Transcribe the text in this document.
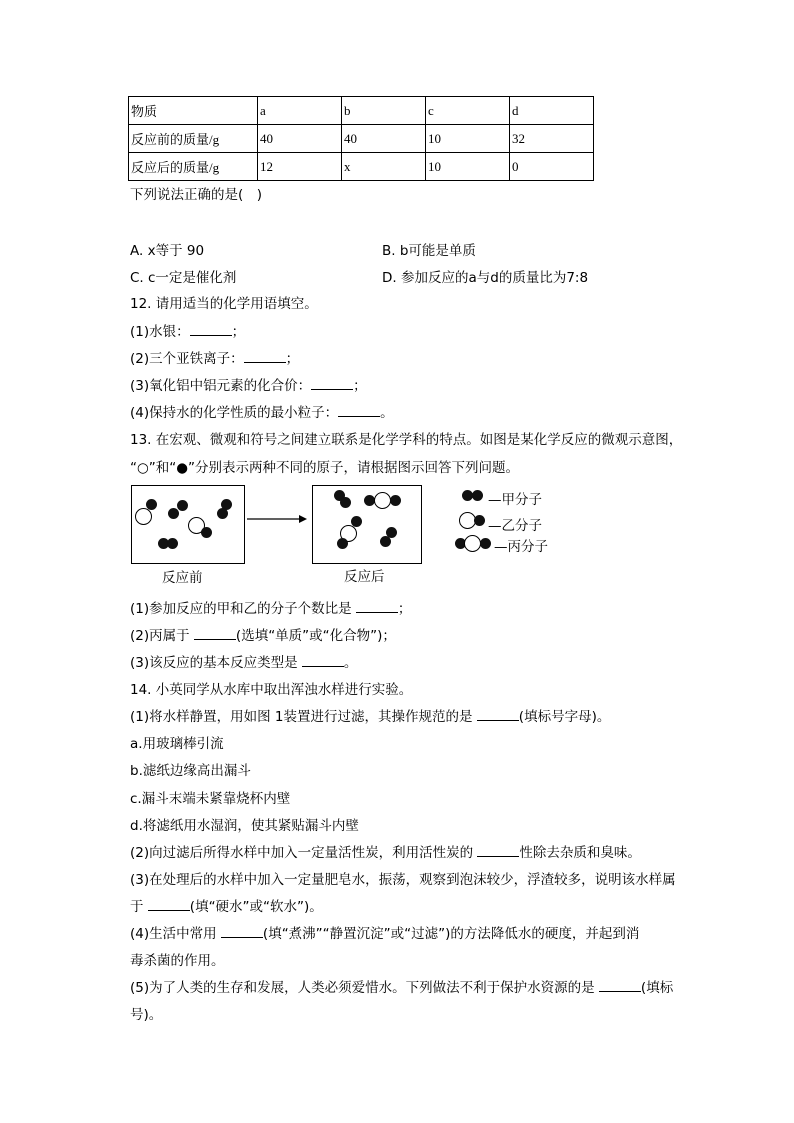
物质	a	b	c	d
反应前的质量/g	40	40	10	32
反应后的质量/g	12	x	10	0
下列说法正确的是(　)
A. x等于 90	B. b可能是单质
C. c一定是催化剂	D. 参加反应的a与d的质量比为7:8
12. 请用适当的化学用语填空。
(1)水银：	；
(2)三个亚铁离子：	；
(3)氧化铝中铝元素的化合价：	；
(4)保持水的化学性质的最小粒子：	。
13. 在宏观、微观和符号之间建立联系是化学学科的特点。如图是某化学反应的微观示意图，
“○”和“●”分别表示两种不同的原子，请根据图示回答下列问题。
反应前	反应后
—甲分子
—乙分子
—丙分子
(1)参加反应的甲和乙的分子个数比是	；
(2)丙属于	(选填“单质”或“化合物”)；
(3)该反应的基本反应类型是	。
14. 小英同学从水库中取出浑浊水样进行实验。
(1)将水样静置，用如图 1装置进行过滤，其操作规范的是	(填标号字母)。
a.用玻璃棒引流
b.滤纸边缘高出漏斗
c.漏斗末端未紧靠烧杯内壁
d.将滤纸用水湿润，使其紧贴漏斗内壁
(2)向过滤后所得水样中加入一定量活性炭，利用活性炭的	性除去杂质和臭味。
(3)在处理后的水样中加入一定量肥皂水，振荡，观察到泡沫较少，浮渣较多，说明该水样属
于	(填“硬水”或“软水”)。
(4)生活中常用	(填“煮沸”“静置沉淀”或“过滤”)的方法降低水的硬度，并起到消
毒杀菌的作用。
(5)为了人类的生存和发展，人类必须爱惜水。下列做法不利于保护水资源的是	(填标
号)。
